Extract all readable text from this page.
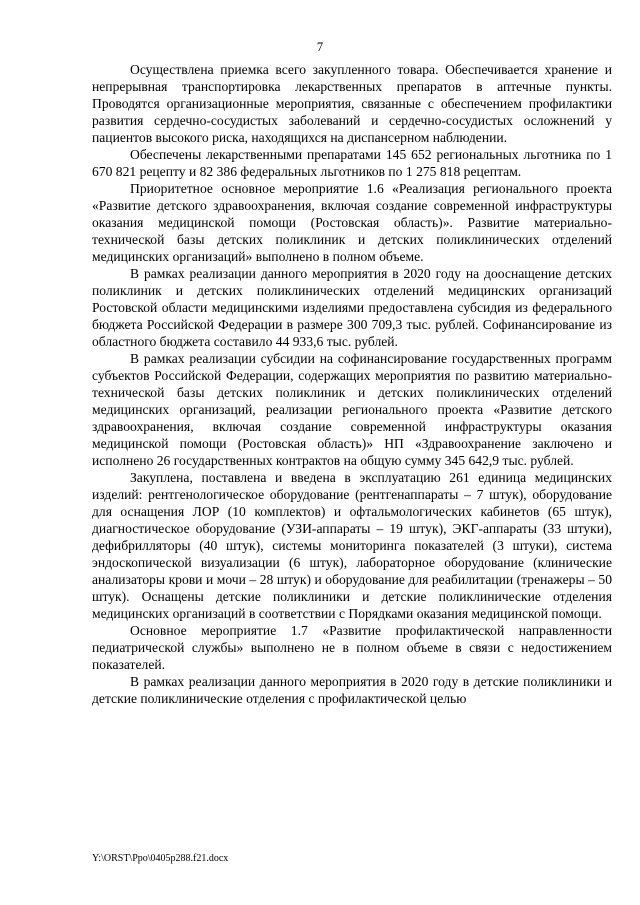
7

Осуществлена приемка всего закупленного товара. Обеспечивается хранение и непрерывная транспортировка лекарственных препаратов в аптечные пункты. Проводятся организационные мероприятия, связанные с обеспечением профилактики развития сердечно-сосудистых заболеваний и сердечно-сосудистых осложнений у пациентов высокого риска, находящихся на диспансерном наблюдении.

Обеспечены лекарственными препаратами 145 652 региональных льготника по 1 670 821 рецепту и 82 386 федеральных льготников по 1 275 818 рецептам.

Приоритетное основное мероприятие 1.6 «Реализация регионального проекта «Развитие детского здравоохранения, включая создание современной инфраструктуры оказания медицинской помощи (Ростовская область)». Развитие материально-технической базы детских поликлиник и детских поликлинических отделений медицинских организаций» выполнено в полном объеме.

В рамках реализации данного мероприятия в 2020 году на дооснащение детских поликлиник и детских поликлинических отделений медицинских организаций Ростовской области медицинскими изделиями предоставлена субсидия из федерального бюджета Российской Федерации в размере 300 709,3 тыс. рублей. Софинансирование из областного бюджета составило 44 933,6 тыс. рублей.

В рамках реализации субсидии на софинансирование государственных программ субъектов Российской Федерации, содержащих мероприятия по развитию материально-технической базы детских поликлиник и детских поликлинических отделений медицинских организаций, реализации регионального проекта «Развитие детского здравоохранения, включая создание современной инфраструктуры оказания медицинской помощи (Ростовская область)» НП «Здравоохранение заключено и исполнено 26 государственных контрактов на общую сумму 345 642,9 тыс. рублей.

Закуплена, поставлена и введена в эксплуатацию 261 единица медицинских изделий: рентгенологическое оборудование (рентгенаппараты – 7 штук), оборудование для оснащения ЛОР (10 комплектов) и офтальмологических кабинетов (65 штук), диагностическое оборудование (УЗИ-аппараты – 19 штук), ЭКГ-аппараты (33 штуки), дефибрилляторы (40 штук), системы мониторинга показателей (3 штуки), система эндоскопической визуализации (6 штук), лабораторное оборудование (клинические анализаторы крови и мочи – 28 штук) и оборудование для реабилитации (тренажеры – 50 штук). Оснащены детские поликлиники и детские поликлинические отделения медицинских организаций в соответствии с Порядками оказания медицинской помощи.

Основное мероприятие 1.7 «Развитие профилактической направленности педиатрической службы» выполнено не в полном объеме в связи с недостижением показателей.

В рамках реализации данного мероприятия в 2020 году в детские поликлиники и детские поликлинические отделения с профилактической целью

Y:\ORST\Ppo\0405p288.f21.docx
